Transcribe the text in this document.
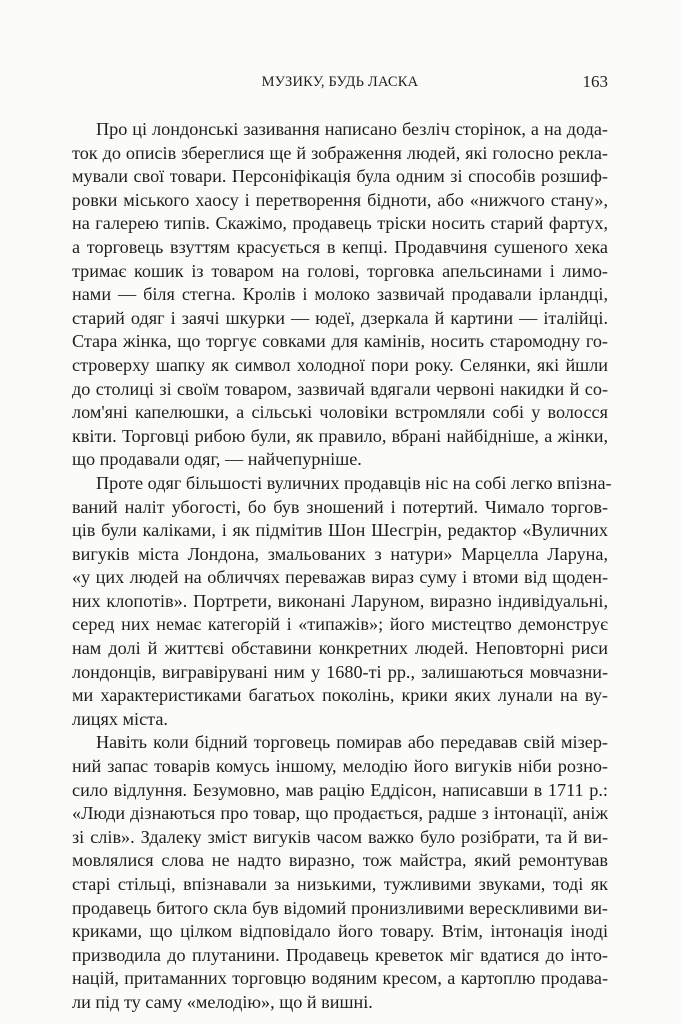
МУЗИКУ, БУДЬ ЛАСКА	163

Про ці лондонські зазивання написано безліч сторінок, а на дода-
ток до описів збереглися ще й зображення людей, які голосно рекла-
мували свої товари. Персоніфікація була одним зі способів розшиф-
ровки міського хаосу і перетворення бідноти, або «нижчого стану»,
на галерею типів. Скажімо, продавець тріски носить старий фартух,
а торговець взуттям красується в кепці. Продавчиня сушеного хека
тримає кошик із товаром на голові, торговка апельсинами і лимо-
нами — біля стегна. Кролів і молоко зазвичай продавали ірландці,
старий одяг і заячі шкурки — юдеї, дзеркала й картини — італійці.
Стара жінка, що торгує совками для камінів, носить старомодну го-
строверху шапку як символ холодної пори року. Селянки, які йшли
до столиці зі своїм товаром, зазвичай вдягали червоні накидки й со-
лом'яні капелюшки, а сільські чоловіки встромляли собі у волосся
квіти. Торговці рибою були, як правило, вбрані найбідніше, а жінки,
що продавали одяг, — найчепурніше.

Проте одяг більшості вуличних продавців ніс на собі легко впізна-
ваний наліт убогості, бо був зношений і потертий. Чимало торгов-
ців були каліками, і як підмітив Шон Шесгрін, редактор «Вуличних
вигуків міста Лондона, змальованих з натури» Марцелла Ларуна,
«у цих людей на обличчях переважав вираз суму і втоми від щоден-
них клопотів». Портрети, виконані Ларуном, виразно індивідуальні,
серед них немає категорій і «типажів»; його мистецтво демонструє
нам долі й життєві обставини конкретних людей. Неповторні риси
лондонців, вигравірувані ним у 1680-ті рр., залишаються мовчазни-
ми характеристиками багатьох поколінь, крики яких лунали на ву-
лицях міста.

Навіть коли бідний торговець помирав або передавав свій мізер-
ний запас товарів комусь іншому, мелодію його вигуків ніби розно-
сило відлуння. Безумовно, мав рацію Еддісон, написавши в 1711 р.:
«Люди дізнаються про товар, що продається, радше з інтонації, аніж
зі слів». Здалеку зміст вигуків часом важко було розібрати, та й ви-
мовлялися слова не надто виразно, тож майстра, який ремонтував
старі стільці, впізнавали за низькими, тужливими звуками, тоді як
продавець битого скла був відомий пронизливими верескливими ви-
криками, що цілком відповідало його товару. Втім, інтонація іноді
призводила до плутанини. Продавець креветок міг вдатися до інто-
націй, притаманних торговцю водяним кресом, а картоплю продава-
ли під ту саму «мелодію», що й вишні.
